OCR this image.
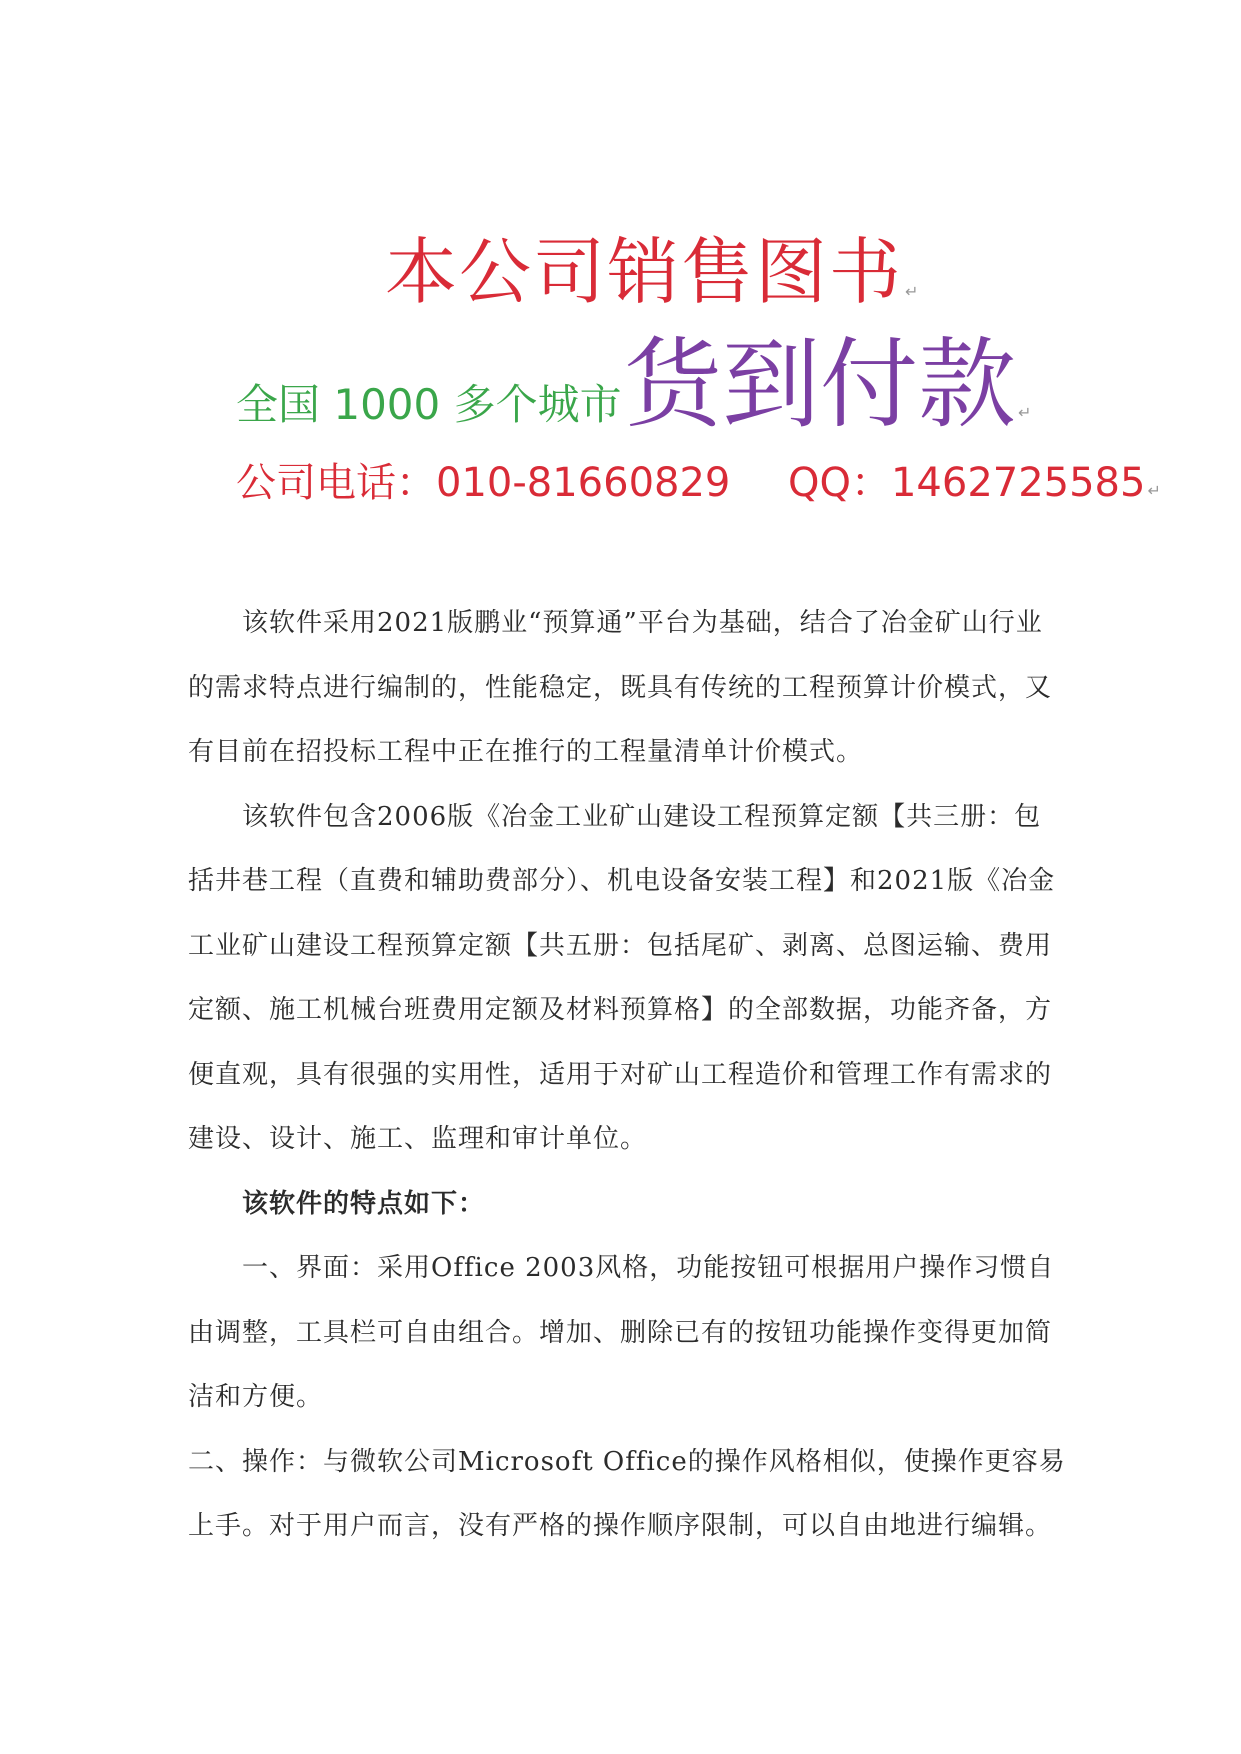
本公司销售图书 ↵
全国 1000 多个城市 货到付款 ↵
公司电话：010-81660829 QQ：1462725585 ↵

该软件采用2021版鹏业“预算通”平台为基础，结合了冶金矿山行业的需求特点进行编制的，性能稳定，既具有传统的工程预算计价模式，又有目前在招投标工程中正在推行的工程量清单计价模式。

该软件包含2006版《冶金工业矿山建设工程预算定额【共三册：包括井巷工程（直费和辅助费部分）、机电设备安装工程】和2021版《冶金工业矿山建设工程预算定额【共五册：包括尾矿、剥离、总图运输、费用定额、施工机械台班费用定额及材料预算格】的全部数据，功能齐备，方便直观，具有很强的实用性，适用于对矿山工程造价和管理工作有需求的建设、设计、施工、监理和审计单位。

该软件的特点如下：

一、界面：采用Office 2003风格，功能按钮可根据用户操作习惯自由调整，工具栏可自由组合。增加、删除已有的按钮功能操作变得更加简洁和方便。

二、操作：与微软公司Microsoft Office的操作风格相似，使操作更容易上手。对于用户而言，没有严格的操作顺序限制，可以自由地进行编辑。
